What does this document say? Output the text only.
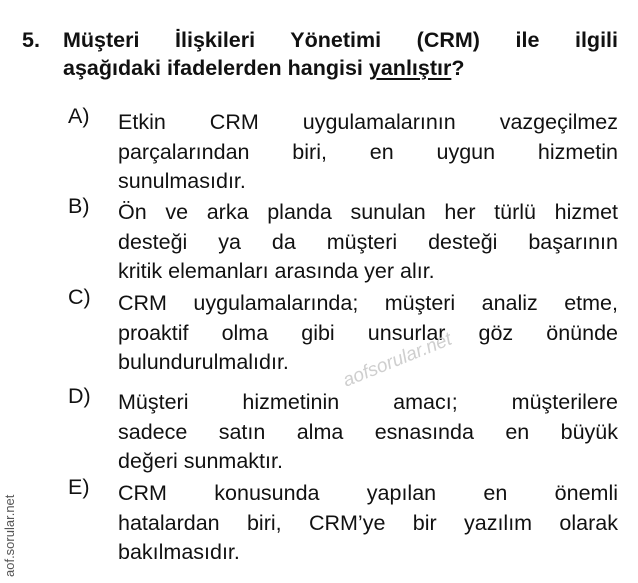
5. Müşteri İlişkileri Yönetimi (CRM) ile ilgili
aşağıdaki ifadelerden hangisi yanlıştır?
A) Etkin CRM uygulamalarının vazgeçilmez
parçalarından biri, en uygun hizmetin
sunulmasıdır.
B) Ön ve arka planda sunulan her türlü hizmet
desteği ya da müşteri desteği başarının
kritik elemanları arasında yer alır.
C) CRM uygulamalarında; müşteri analiz etme,
proaktif olma gibi unsurlar göz önünde
bulundurulmalıdır.
D) Müşteri hizmetinin amacı; müşterilere
sadece satın alma esnasında en büyük
değeri sunmaktır.
E) CRM konusunda yapılan en önemli
hatalardan biri, CRM’ye bir yazılım olarak
bakılmasıdır.
aofsorular.net
aof.sorular.net
